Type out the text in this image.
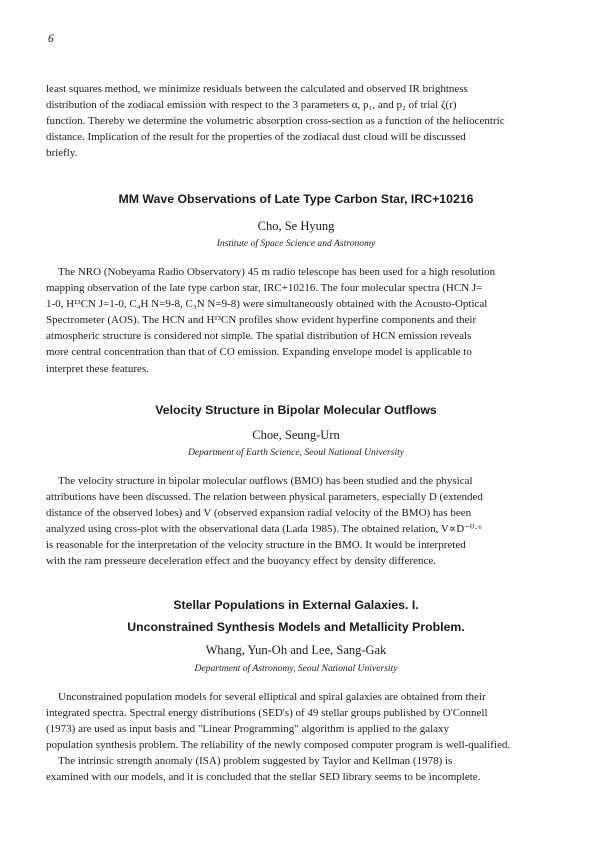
6
least squares method, we minimize residuals between the calculated and observed IR brightness
distribution of the zodiacal emission with respect to the 3 parameters α, p₁, and p₂ of trial ζ(r)
function. Thereby we determine the volumetric absorption cross-section as a function of the heliocentric
distance. Implication of the result for the properties of the zodiacal dust cloud will be discussed
briefly.
MM Wave Observations of Late Type Carbon Star, IRC+10216
Cho, Se Hyung
Institute of Space Science and Astronomy
The NRO (Nobeyama Radio Observatory) 45 m radio telescope has been used for a high resolution
mapping observation of the late type carbon star, IRC+10216. The four molecular spectra (HCN J=
1-0, H¹³CN J=1-0, C₄H N=9-8, C₃N N=9-8) were simultaneously obtained with the Acousto-Optical
Spectrometer (AOS). The HCN and H¹³CN profiles show evident hyperfine components and their
atmospheric structure is considered not simple. The spatial distribution of HCN emission reveals
more central concentration than that of CO emission. Expanding envelope model is applicable to
interpret these features.
Velocity Structure in Bipolar Molecular Outflows
Choe, Seung-Urn
Department of Earth Science, Seoul National University
The velocity structure in bipolar molecular outflows (BMO) has been studied and the physical
attributions have been discussed. The relation between physical parameters, especially D (extended
distance of the observed lobes) and V (observed expansion radial velocity of the BMO) has been
analyzed using cross-plot with the observational data (Lada 1985). The obtained relation, V∝D⁻⁰·⁶
is reasonable for the interpretation of the velocity structure in the BMO. It would be interpreted
with the ram presseure deceleration effect and the buoyancy effect by density difference.
Stellar Populations in External Galaxies. I.
Unconstrained Synthesis Models and Metallicity Problem.
Whang, Yun-Oh and Lee, Sang-Gak
Department of Astronomy, Seoul National University
Unconstrained population models for several elliptical and spiral galaxies are obtained from their
integrated spectra. Spectral energy distributions (SED's) of 49 stellar groups published by O'Connell
(1973) are used as input basis and "Linear Programming" algorithm is applied to the galaxy
population synthesis problem. The reliability of the newly composed computer program is well-qualified.
The intrinsic strength anomaly (ISA) problem suggested by Taylor and Kellman (1978) is
examined with our models, and it is concluded that the stellar SED library seems to be incomplete.
